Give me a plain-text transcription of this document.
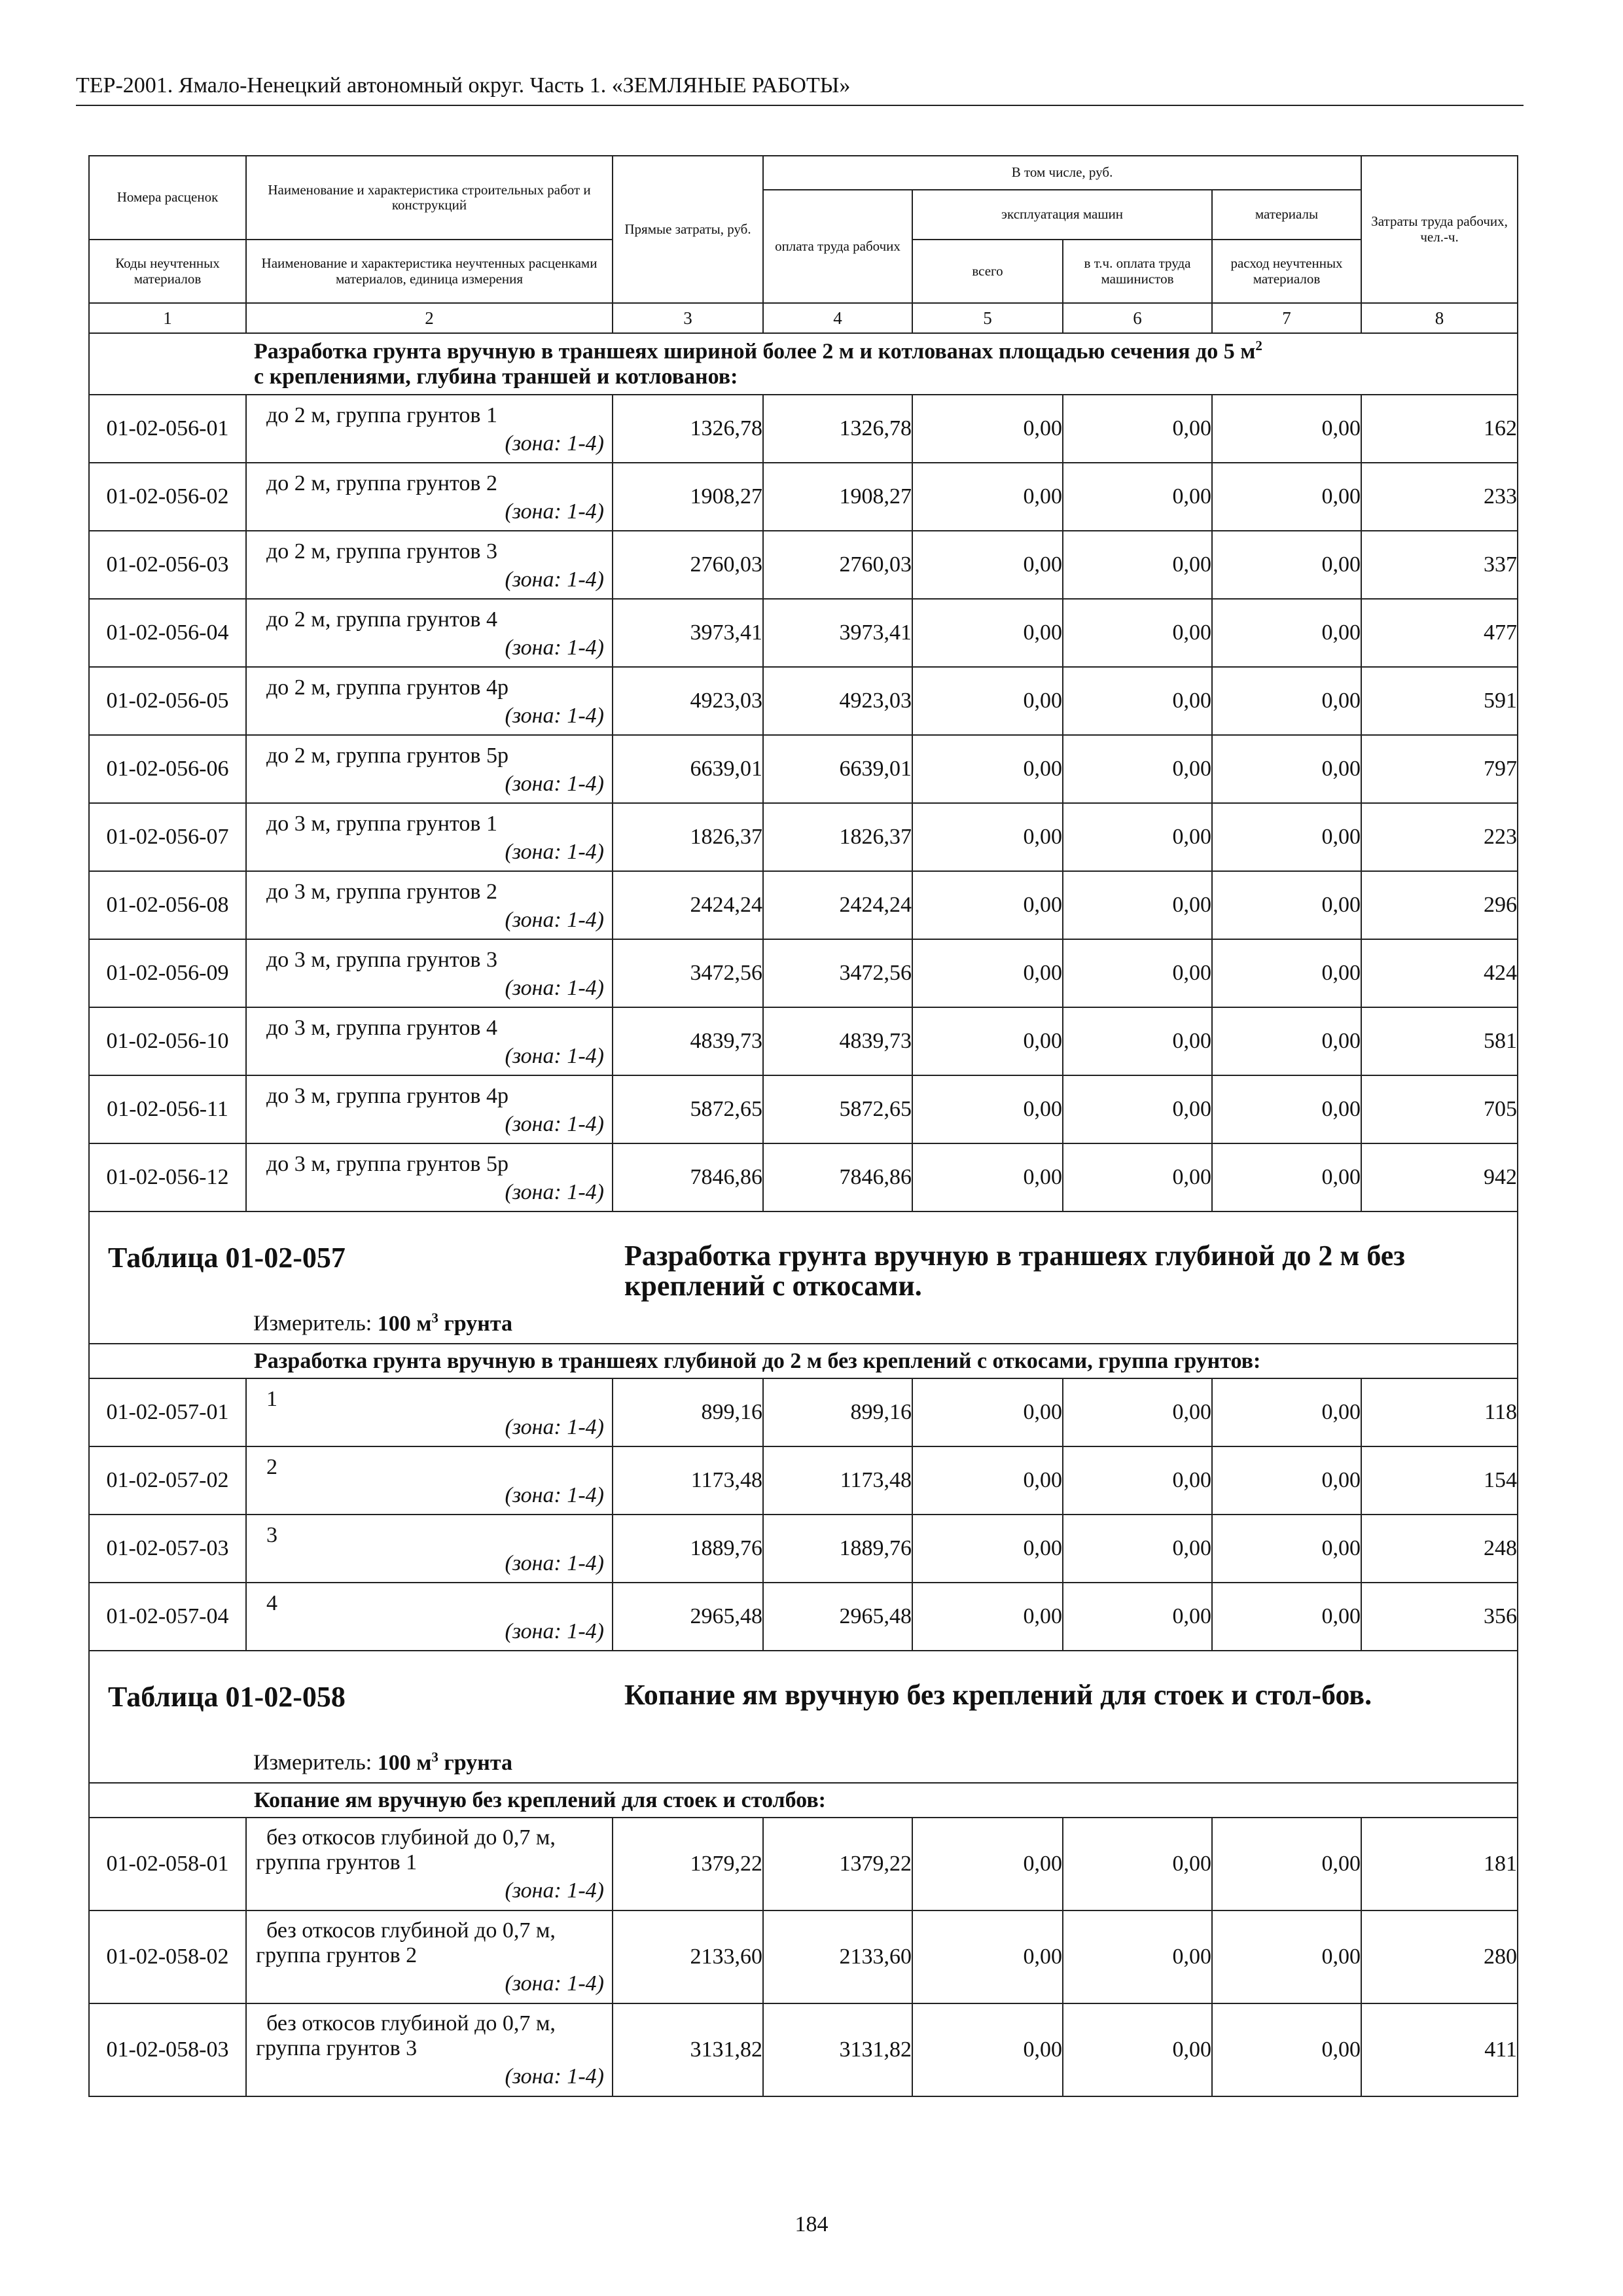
ТЕР-2001. Ямало-Ненецкий автономный округ. Часть 1. «ЗЕМЛЯНЫЕ РАБОТЫ»
Номера расценок	Наименование и характеристика строительных работ и конструкций	Прямые затраты, руб.	В том числе, руб.				Затраты труда рабочих, чел.-ч.
			оплата труда рабочих	эксплуатация машин		материалы	
Коды неучтенных материалов	Наименование и характеристика неучтенных расценками материалов, единица измерения			всего	в т.ч. оплата труда машинистов	расход неучтенных материалов	
1	2	3	4	5	6	7	8

	Разработка грунта вручную в траншеях шириной более 2 м и котлованах площадью сечения до 5 $м^2$
с креплениями, глубина траншей и котлованов:						

01-02-056-01	до 2 м, группа грунтов 1
(зона: 1-4)	1326,78	1326,78	0,00	0,00	0,00	162
01-02-056-02	до 2 м, группа грунтов 2
(зона: 1-4)	1908,27	1908,27	0,00	0,00	0,00	233
01-02-056-03	до 2 м, группа грунтов 3
(зона: 1-4)	2760,03	2760,03	0,00	0,00	0,00	337
01-02-056-04	до 2 м, группа грунтов 4
(зона: 1-4)	3973,41	3973,41	0,00	0,00	0,00	477
01-02-056-05	до 2 м, группа грунтов 4р
(зона: 1-4)	4923,03	4923,03	0,00	0,00	0,00	591
01-02-056-06	до 2 м, группа грунтов 5р
(зона: 1-4)	6639,01	6639,01	0,00	0,00	0,00	797
01-02-056-07	до 3 м, группа грунтов 1
(зона: 1-4)	1826,37	1826,37	0,00	0,00	0,00	223
01-02-056-08	до 3 м, группа грунтов 2
(зона: 1-4)	2424,24	2424,24	0,00	0,00	0,00	296
01-02-056-09	до 3 м, группа грунтов 3
(зона: 1-4)	3472,56	3472,56	0,00	0,00	0,00	424
01-02-056-10	до 3 м, группа грунтов 4
(зона: 1-4)	4839,73	4839,73	0,00	0,00	0,00	581
01-02-056-11	до 3 м, группа грунтов 4р
(зона: 1-4)	5872,65	5872,65	0,00	0,00	0,00	705
01-02-056-12	до 3 м, группа грунтов 5р
(зона: 1-4)	7846,86	7846,86	0,00	0,00	0,00	942

Таблица 01-02-057 Разработка грунта вручную в траншеях глубиной до 2 м без креплений с откосами.
Измеритель: 100 $м^3$ грунта							

	Разработка грунта вручную в траншеях глубиной до 2 м без креплений с откосами, группа грунтов:						

01-02-057-01	1
(зона: 1-4)	899,16	899,16	0,00	0,00	0,00	118
01-02-057-02	2
(зона: 1-4)	1173,48	1173,48	0,00	0,00	0,00	154
01-02-057-03	3
(зона: 1-4)	1889,76	1889,76	0,00	0,00	0,00	248
01-02-057-04	4
(зона: 1-4)	2965,48	2965,48	0,00	0,00	0,00	356

Таблица 01-02-058 Копание ям вручную без креплений для стоек и стол-бов.
Измеритель: 100 $м^3$ грунта							

	Копание ям вручную без креплений для стоек и столбов:						

01-02-058-01	без откосов глубиной до 0,7 м, группа грунтов 1
(зона: 1-4)	1379,22	1379,22	0,00	0,00	0,00	181
01-02-058-02	без откосов глубиной до 0,7 м, группа грунтов 2
(зона: 1-4)	2133,60	2133,60	0,00	0,00	0,00	280
01-02-058-03	без откосов глубиной до 0,7 м, группа грунтов 3
(зона: 1-4)	3131,82	3131,82	0,00	0,00	0,00	411
184
